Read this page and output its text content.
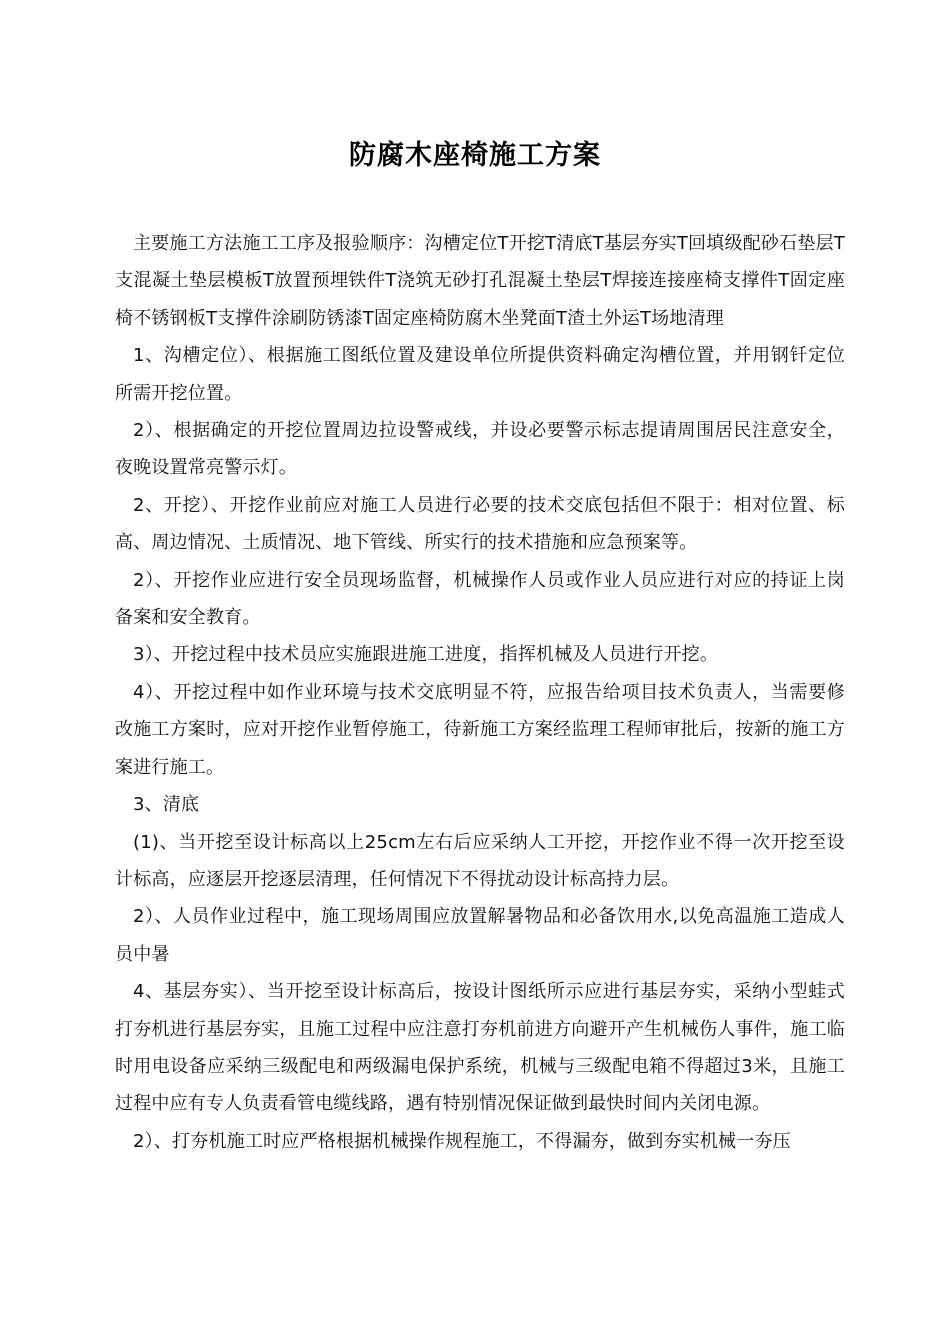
防腐木座椅施工方案

主要施工方法施工工序及报验顺序：沟槽定位T开挖T清底T基层夯实T回填级配砂石垫层T支混凝土垫层模板T放置预埋铁件T浇筑无砂打孔混凝土垫层T焊接连接座椅支撑件T固定座椅不锈钢板T支撑件涂刷防锈漆T固定座椅防腐木坐凳面T渣土外运T场地清理

1、沟槽定位）、根据施工图纸位置及建设单位所提供资料确定沟槽位置，并用钢钎定位所需开挖位置。

2）、根据确定的开挖位置周边拉设警戒线，并设必要警示标志提请周围居民注意安全，夜晚设置常亮警示灯。

2、开挖）、开挖作业前应对施工人员进行必要的技术交底包括但不限于：相对位置、标高、周边情况、土质情况、地下管线、所实行的技术措施和应急预案等。

2）、开挖作业应进行安全员现场监督，机械操作人员或作业人员应进行对应的持证上岗备案和安全教育。

3）、开挖过程中技术员应实施跟进施工进度，指挥机械及人员进行开挖。

4）、开挖过程中如作业环境与技术交底明显不符，应报告给项目技术负责人，当需要修改施工方案时，应对开挖作业暂停施工，待新施工方案经监理工程师审批后，按新的施工方案进行施工。

3、清底

(1)、当开挖至设计标高以上25cm左右后应采纳人工开挖，开挖作业不得一次开挖至设计标高，应逐层开挖逐层清理，任何情况下不得扰动设计标高持力层。

2）、人员作业过程中，施工现场周围应放置解暑物品和必备饮用水,以免高温施工造成人员中暑

4、基层夯实）、当开挖至设计标高后，按设计图纸所示应进行基层夯实，采纳小型蛙式打夯机进行基层夯实，且施工过程中应注意打夯机前进方向避开产生机械伤人事件，施工临时用电设备应采纳三级配电和两级漏电保护系统，机械与三级配电箱不得超过3米，且施工过程中应有专人负责看管电缆线路，遇有特别情况保证做到最快时间内关闭电源。

2）、打夯机施工时应严格根据机械操作规程施工，不得漏夯，做到夯实机械一夯压
